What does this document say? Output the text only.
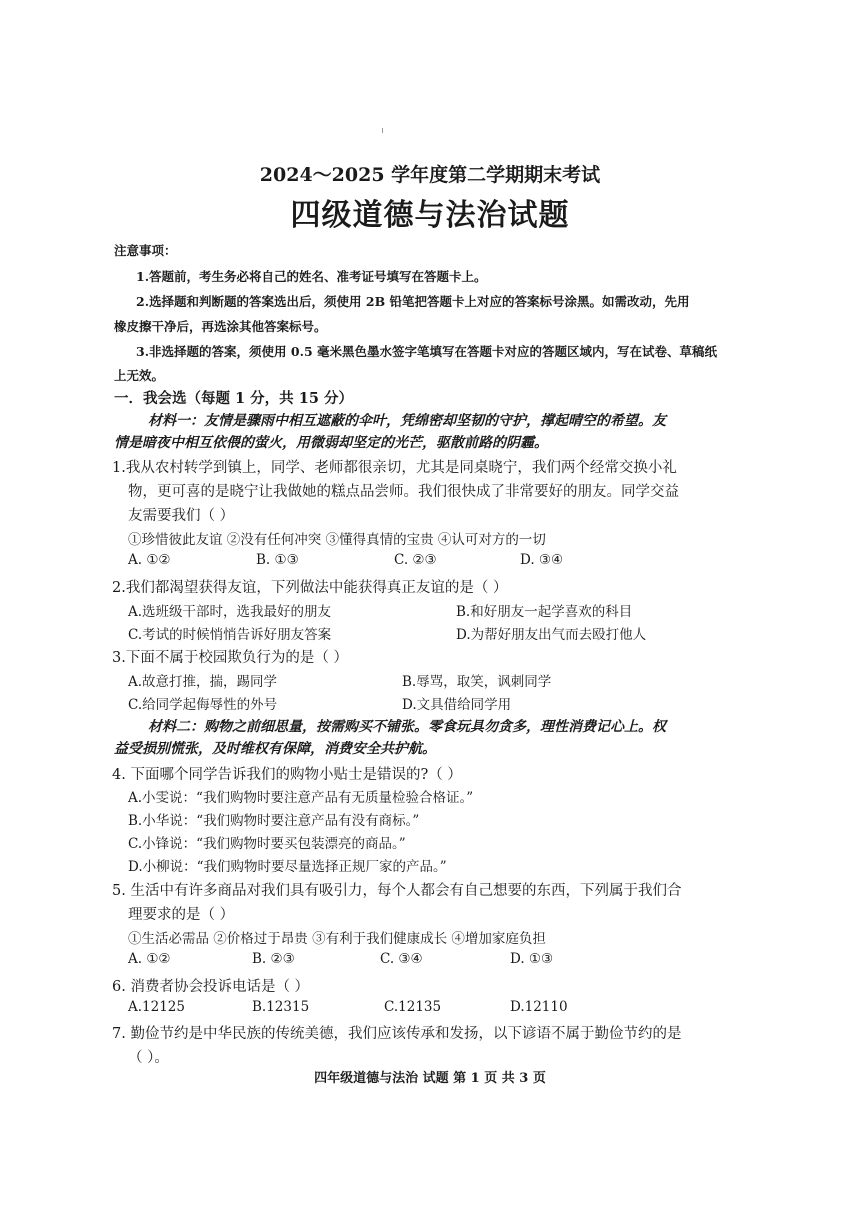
2024～2025 学年度第二学期期末考试
四级道德与法治试题
注意事项：
1.答题前，考生务必将自己的姓名、准考证号填写在答题卡上。
2.选择题和判断题的答案选出后，须使用 2B 铅笔把答题卡上对应的答案标号涂黑。如需改动，先用
橡皮擦干净后，再选涂其他答案标号。
3.非选择题的答案，须使用 0.5 毫米黑色墨水签字笔填写在答题卡对应的答题区域内，写在试卷、草稿纸
上无效。
一．我会选（每题 1 分，共 15 分）
材料一：友情是骤雨中相互遮蔽的伞叶，凭绵密却坚韧的守护，撑起晴空的希望。友
情是暗夜中相互依偎的萤火，用微弱却坚定的光芒，驱散前路的阴霾。
1.我从农村转学到镇上，同学、老师都很亲切，尤其是同桌晓宁，我们两个经常交换小礼
物，更可喜的是晓宁让我做她的糕点品尝师。我们很快成了非常要好的朋友。同学交益
友需要我们（ ）
①珍惜彼此友谊 ②没有任何冲突 ③懂得真情的宝贵 ④认可对方的一切
A. ①②	B. ①③	C. ②③	D. ③④
2.我们都渴望获得友谊，下列做法中能获得真正友谊的是（ ）
A.选班级干部时，选我最好的朋友	B.和好朋友一起学喜欢的科目
C.考试的时候悄悄告诉好朋友答案	D.为帮好朋友出气而去殴打他人
3.下面不属于校园欺负行为的是（ ）
A.故意打推，揣，踢同学	B.辱骂，取笑，讽刺同学
C.给同学起侮辱性的外号	D.文具借给同学用
材料二：购物之前细思量，按需购买不铺张。零食玩具勿贪多，理性消费记心上。权
益受损别慌张，及时维权有保障，消费安全共护航。
4. 下面哪个同学告诉我们的购物小贴士是错误的?（ ）
A.小雯说：“我们购物时要注意产品有无质量检验合格证。”
B.小华说：“我们购物时要注意产品有没有商标。”
C.小锋说：“我们购物时要买包装漂亮的商品。”
D.小柳说：“我们购物时要尽量选择正规厂家的产品。”
5. 生活中有许多商品对我们具有吸引力，每个人都会有自己想要的东西，下列属于我们合
理要求的是（ ）
①生活必需品 ②价格过于昂贵 ③有利于我们健康成长 ④增加家庭负担
A. ①②	B. ②③	C. ③④	D. ①③
6. 消费者协会投诉电话是（ ）
A.12125	B.12315	C.12135	D.12110
7. 勤俭节约是中华民族的传统美德，我们应该传承和发扬，以下谚语不属于勤俭节约的是
（ ）。
四年级道德与法治 试题 第 1 页 共 3 页
